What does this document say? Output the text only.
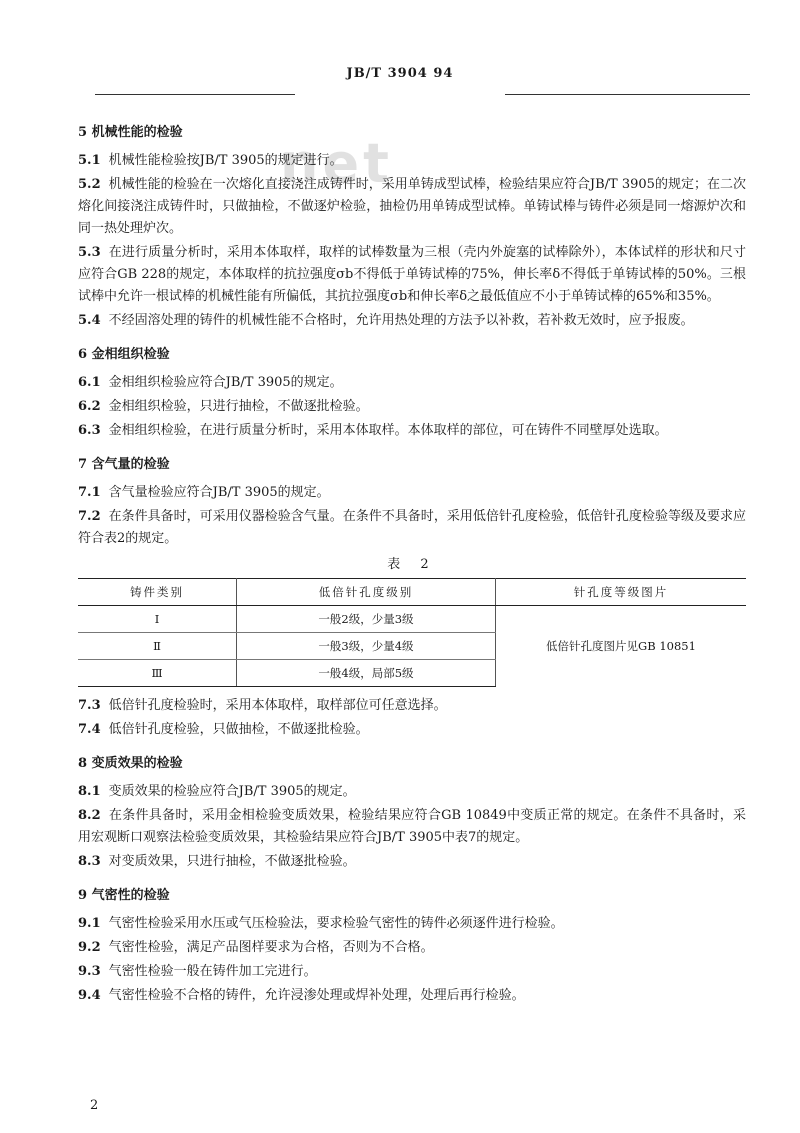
JB/T 3904 94
net
5 机械性能的检验
5.1 机械性能检验按JB/T 3905的规定进行。
5.2 机械性能的检验在一次熔化直接浇注成铸件时，采用单铸成型试棒，检验结果应符合JB/T 3905的规定；在二次熔化间接浇注成铸件时，只做抽检，不做逐炉检验，抽检仍用单铸成型试棒。单铸试棒与铸件必须是同一熔源炉次和同一热处理炉次。
5.3 在进行质量分析时，采用本体取样，取样的试棒数量为三根（壳内外旋塞的试棒除外），本体试样的形状和尺寸应符合GB 228的规定，本体取样的抗拉强度σb不得低于单铸试棒的75%，伸长率δ不得低于单铸试棒的50%。三根试棒中允许一根试棒的机械性能有所偏低，其抗拉强度σb和伸长率δ之最低值应不小于单铸试棒的65%和35%。
5.4 不经固溶处理的铸件的机械性能不合格时，允许用热处理的方法予以补救，若补救无效时，应予报废。
6 金相组织检验
6.1 金相组织检验应符合JB/T 3905的规定。
6.2 金相组织检验，只进行抽检，不做逐批检验。
6.3 金相组织检验，在进行质量分析时，采用本体取样。本体取样的部位，可在铸件不同壁厚处选取。
7 含气量的检验
7.1 含气量检验应符合JB/T 3905的规定。
7.2 在条件具备时，可采用仪器检验含气量。在条件不具备时，采用低倍针孔度检验，低倍针孔度检验等级及要求应符合表2的规定。
表 2
铸件类别	低倍针孔度级别	针孔度等级图片
Ⅰ	一般2级，少量3级	低倍针孔度图片见GB 10851
Ⅱ	一般3级，少量4级	
Ⅲ	一般4级，局部5级	
7.3 低倍针孔度检验时，采用本体取样，取样部位可任意选择。
7.4 低倍针孔度检验，只做抽检，不做逐批检验。
8 变质效果的检验
8.1 变质效果的检验应符合JB/T 3905的规定。
8.2 在条件具备时，采用金相检验变质效果，检验结果应符合GB 10849中变质正常的规定。在条件不具备时，采用宏观断口观察法检验变质效果，其检验结果应符合JB/T 3905中表7的规定。
8.3 对变质效果，只进行抽检，不做逐批检验。
9 气密性的检验
9.1 气密性检验采用水压或气压检验法，要求检验气密性的铸件必须逐件进行检验。
9.2 气密性检验，满足产品图样要求为合格，否则为不合格。
9.3 气密性检验一般在铸件加工完进行。
9.4 气密性检验不合格的铸件，允许浸渗处理或焊补处理，处理后再行检验。
2
